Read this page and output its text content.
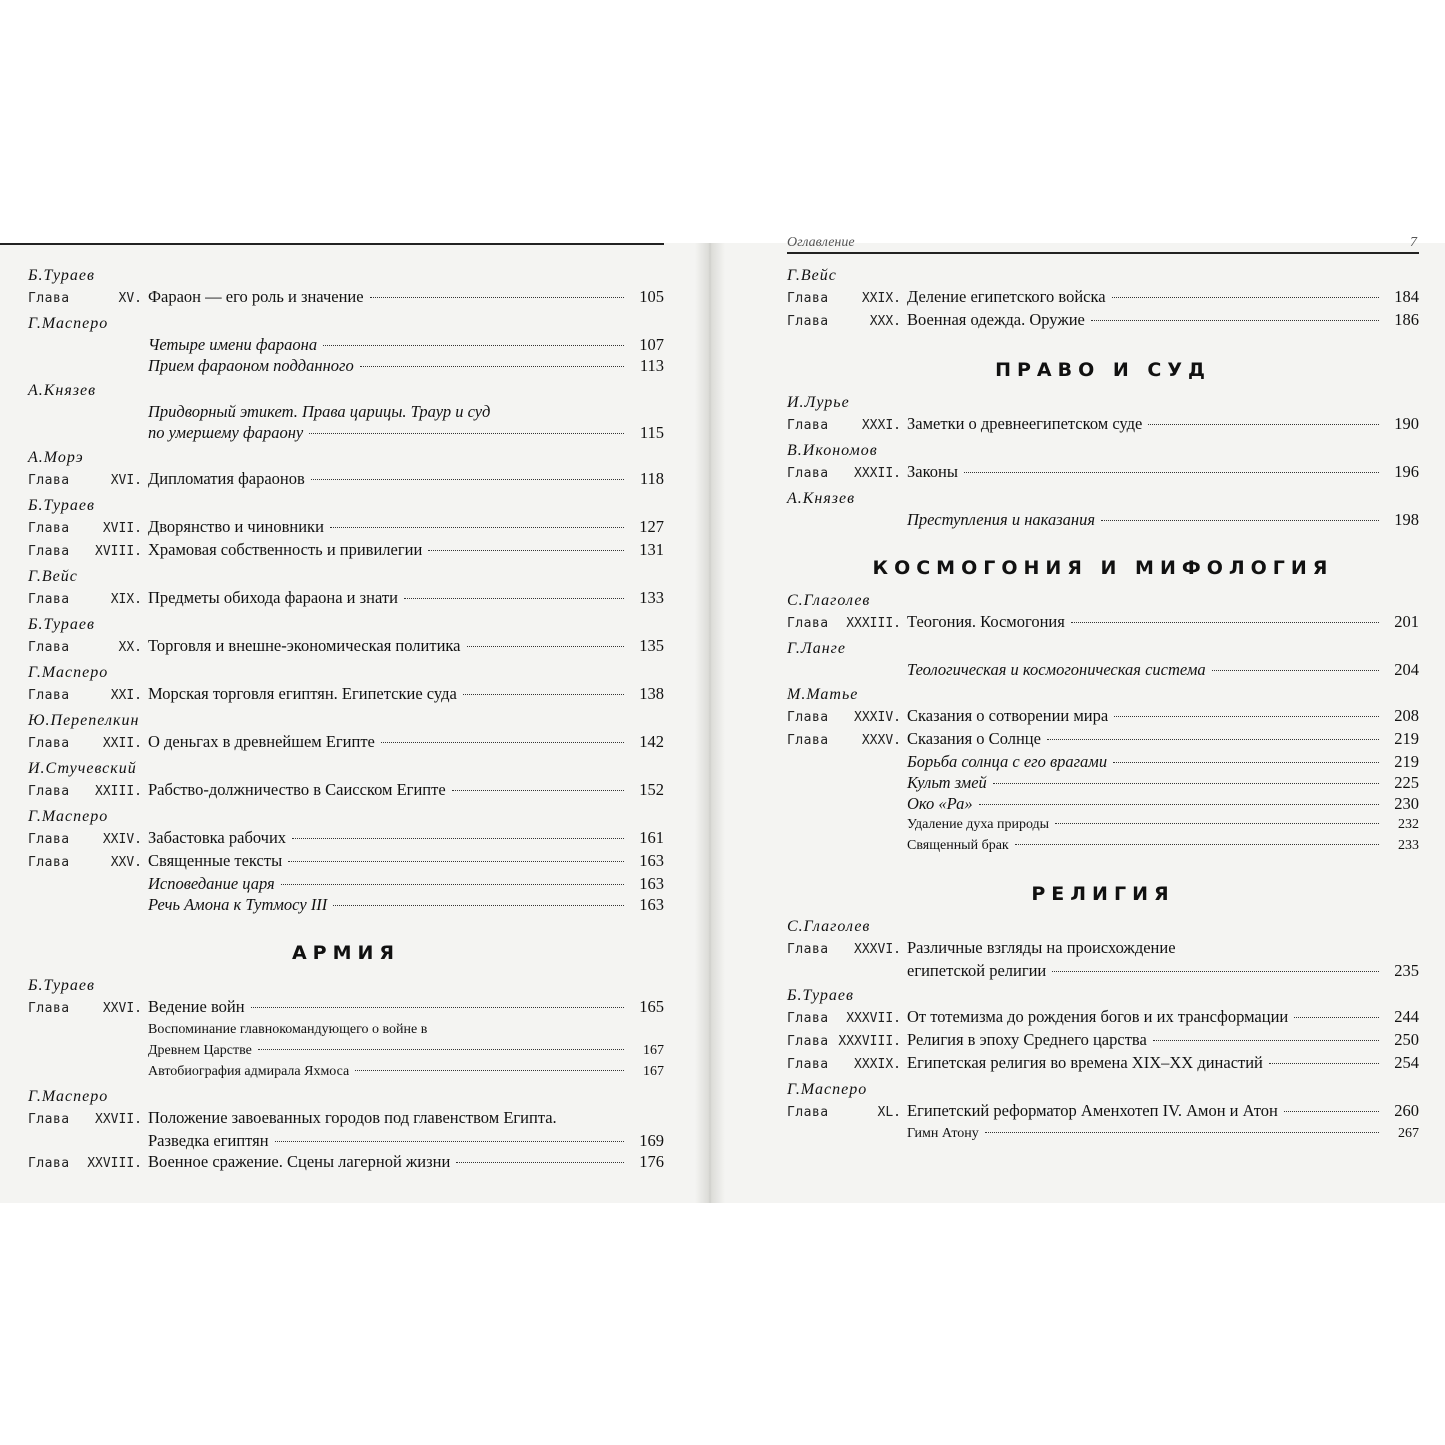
Б.Тураев
Глава	XV. Фараон — его роль и значение	105
Г.Масперо
Четыре имени фараона	107
Прием фараоном подданного	113
А.Князев
Придворный этикет. Права царицы. Траур и суд
по умершему фараону	115
А.Морэ
Глава	XVI. Дипломатия фараонов	118
Б.Тураев
Глава	XVII. Дворянство и чиновники	127
Глава	XVIII. Храмовая собственность и привилегии	131
Г.Вейс
Глава	XIX. Предметы обихода фараона и знати	133
Б.Тураев
Глава	XX. Торговля и внешне-экономическая политика	135
Г.Масперо
Глава	XXI. Морская торговля египтян. Египетские суда	138
Ю.Перепелкин
Глава	XXII. О деньгах в древнейшем Египте	142
И.Стучевский
Глава	XXIII. Рабство-должничество в Саисском Египте	152
Г.Масперо
Глава	XXIV. Забастовка рабочих	161
Глава	XXV. Священные тексты	163
Исповедание царя	163
Речь Амона к Тутмосу III	163
АРМИЯ
Б.Тураев
Глава	XXVI. Ведение войн	165
Воспоминание главнокомандующего о войне в
Древнем Царстве	167
Автобиография адмирала Яхмоса	167
Г.Масперо
Глава	XXVII. Положение завоеванных городов под главенством Египта.
Разведка египтян	169
Глава	XXVIII. Военное сражение. Сцены лагерной жизни	176
Оглавление	7
Г.Вейс
Глава	XXIX. Деление египетского войска	184
Глава	XXX. Военная одежда. Оружие	186
ПРАВО И СУД
И.Лурье
Глава	XXXI. Заметки о древнеегипетском суде	190
В.Икономов
Глава	XXXII. Законы	196
А.Князев
Преступления и наказания	198
КОСМОГОНИЯ И МИФОЛОГИЯ
С.Глаголев
Глава	XXXIII. Теогония. Космогония	201
Г.Ланге
Теологическая и космогоническая система	204
М.Матье
Глава	XXXIV. Сказания о сотворении мира	208
Глава	XXXV. Сказания о Солнце	219
Борьба солнца с его врагами	219
Культ змей	225
Око «Ра»	230
Удаление духа природы	232
Священный брак	233
РЕЛИГИЯ
С.Глаголев
Глава	XXXVI. Различные взгляды на происхождение
египетской религии	235
Б.Тураев
Глава	XXXVII. От тотемизма до рождения богов и их трансформации	244
Глава XXXVIII. Религия в эпоху Среднего царства	250
Глава	XXXIX. Египетская религия во времена XIX–XX династий	254
Г.Масперо
Глава	XL. Египетский реформатор Аменхотеп IV. Амон и Атон	260
Гимн Атону	267
